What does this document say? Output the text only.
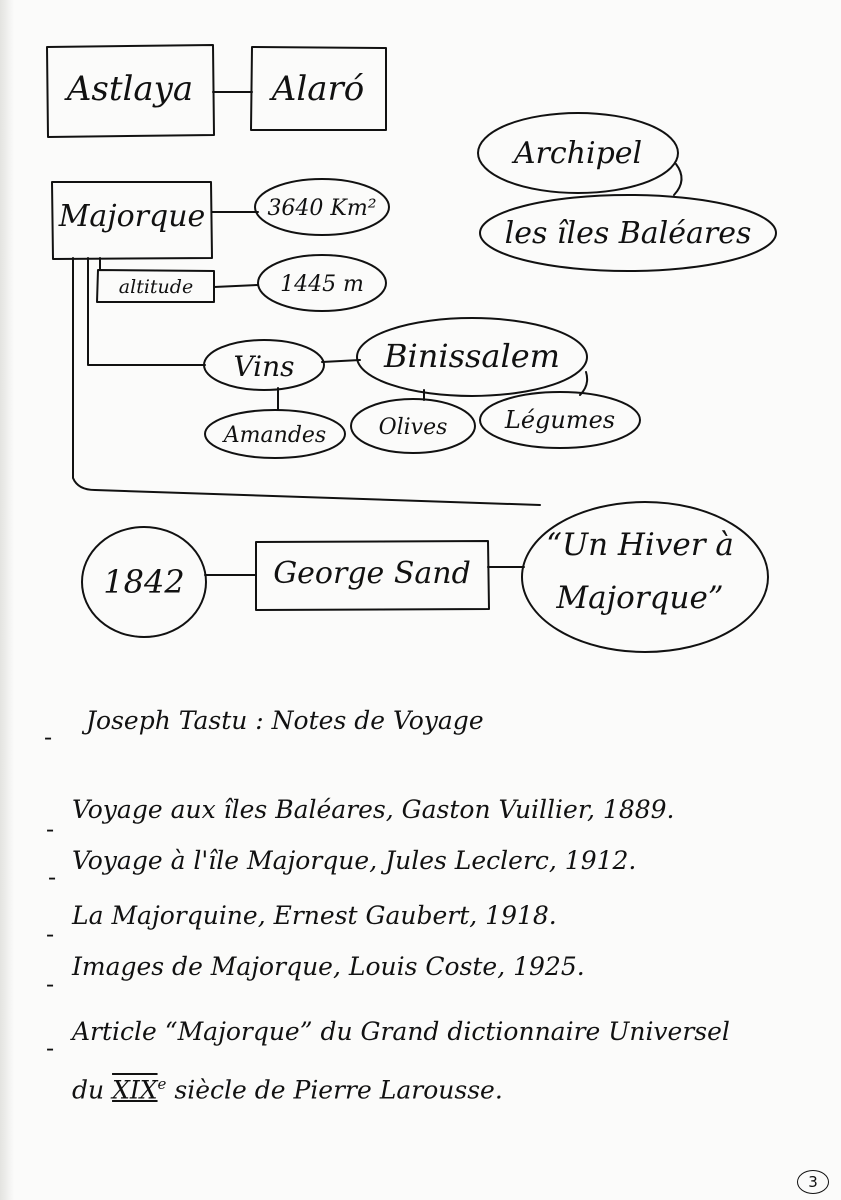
Astlaya Alaró
Archipel
les îles Baléares
Majorque	3640 Km²
altitude	1445 m
Vins	Binissalem
Amandes Olives Légumes
1842	George Sand
“Un Hiver à
Majorque”
-
Joseph Tastu : Notes de Voyage
-
Voyage aux îles Baléares, Gaston Vuillier, 1889.
-
Voyage à l'île Majorque, Jules Leclerc, 1912.
-
La Majorquine, Ernest Gaubert, 1918.
-
Images de Majorque, Louis Coste, 1925.
-
Article “Majorque” du Grand dictionnaire Universel
du XIXe siècle de Pierre Larousse.
3
